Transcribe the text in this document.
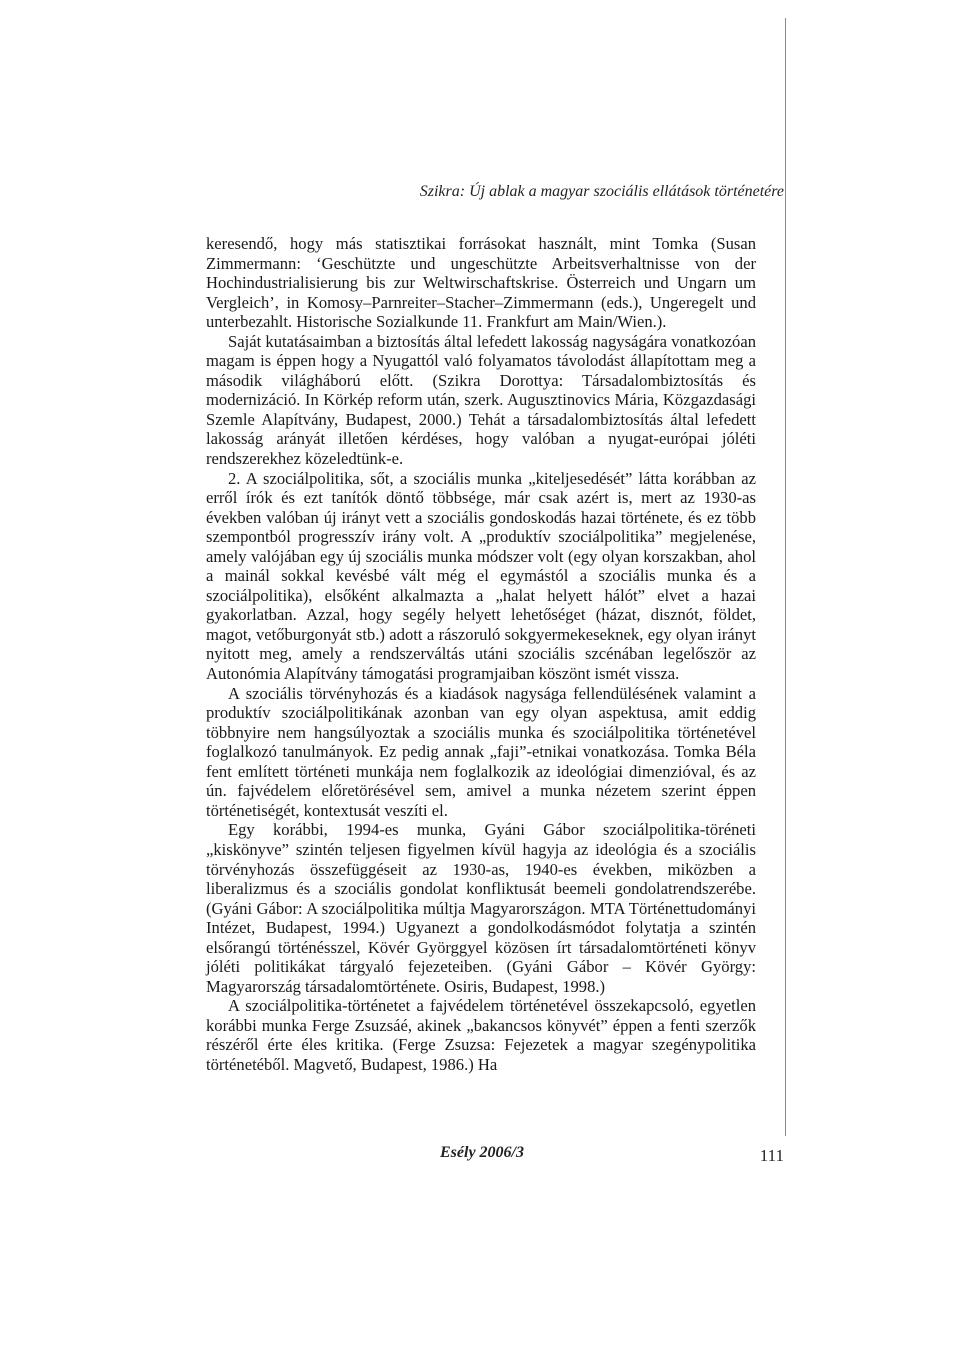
Szikra: Új ablak a magyar szociális ellátások történetére

keresendő, hogy más statisztikai forrásokat használt, mint Tomka (Susan Zimmermann: ‘Geschützte und ungeschützte Arbeitsverhaltnisse von der Hochindustrialisierung bis zur Weltwirschaftskrise. Österreich und Ungarn um Vergleich’, in Komosy–Parnreiter–Stacher–Zimmermann (eds.), Ungeregelt und unterbezahlt. Historische Sozialkunde 11. Frankfurt am Main/Wien.).

Saját kutatásaimban a biztosítás által lefedett lakosság nagyságára vonatkozóan magam is éppen hogy a Nyugattól való folyamatos távolodást állapítottam meg a második világháború előtt. (Szikra Dorottya: Társadalombiztosítás és modernizáció. In Körkép reform után, szerk. Augusztinovics Mária, Közgazdasági Szemle Alapítvány, Budapest, 2000.) Tehát a társadalombiztosítás által lefedett lakosság arányát illetően kérdéses, hogy valóban a nyugat-európai jóléti rendszerekhez közeledtünk-e.

2. A szociálpolitika, sőt, a szociális munka „kiteljesedését” látta korábban az erről írók és ezt tanítók döntő többsége, már csak azért is, mert az 1930-as években valóban új irányt vett a szociális gondoskodás hazai története, és ez több szempontból progresszív irány volt. A „produktív szociálpolitika” megjelenése, amely valójában egy új szociális munka módszer volt (egy olyan korszakban, ahol a mainál sokkal kevésbé vált még el egymástól a szociális munka és a szociálpolitika), elsőként alkalmazta a „halat helyett hálót” elvet a hazai gyakorlatban. Azzal, hogy segély helyett lehetőséget (házat, disznót, földet, magot, vetőburgonyát stb.) adott a rászoruló sokgyermekeseknek, egy olyan irányt nyitott meg, amely a rendszerváltás utáni szociális szcénában legelőször az Autonómia Alapítvány támogatási programjaiban köszönt ismét vissza.

A szociális törvényhozás és a kiadások nagysága fellendülésének valamint a produktív szociálpolitikának azonban van egy olyan aspektusa, amit eddig többnyire nem hangsúlyoztak a szociális munka és szociálpolitika történetével foglalkozó tanulmányok. Ez pedig annak „faji”-etnikai vonatkozása. Tomka Béla fent említett történeti munkája nem foglalkozik az ideológiai dimenzióval, és az ún. fajvédelem előretörésével sem, amivel a munka nézetem szerint éppen történetiségét, kontextusát veszíti el.

Egy korábbi, 1994-es munka, Gyáni Gábor szociálpolitika-töréneti „kiskönyve” szintén teljesen figyelmen kívül hagyja az ideológia és a szociális törvényhozás összefüggéseit az 1930-as, 1940-es években, miközben a liberalizmus és a szociális gondolat konfliktusát beemeli gondolatrendszerébe. (Gyáni Gábor: A szociálpolitika múltja Magyarországon. MTA Történettudományi Intézet, Budapest, 1994.) Ugyanezt a gondolkodásmódot folytatja a szintén elsőrangú történésszel, Kövér Györggyel közösen írt társadalomtörténeti könyv jóléti politikákat tárgyaló fejezeteiben. (Gyáni Gábor – Kövér György: Magyarország társadalomtörténete. Osiris, Budapest, 1998.)

A szociálpolitika-történetet a fajvédelem történetével összekapcsoló, egyetlen korábbi munka Ferge Zsuzsáé, akinek „bakancsos könyvét” éppen a fenti szerzők részéről érte éles kritika. (Ferge Zsuzsa: Fejezetek a magyar szegénypolitika történetéből. Magvető, Budapest, 1986.) Ha

Esély 2006/3	111
